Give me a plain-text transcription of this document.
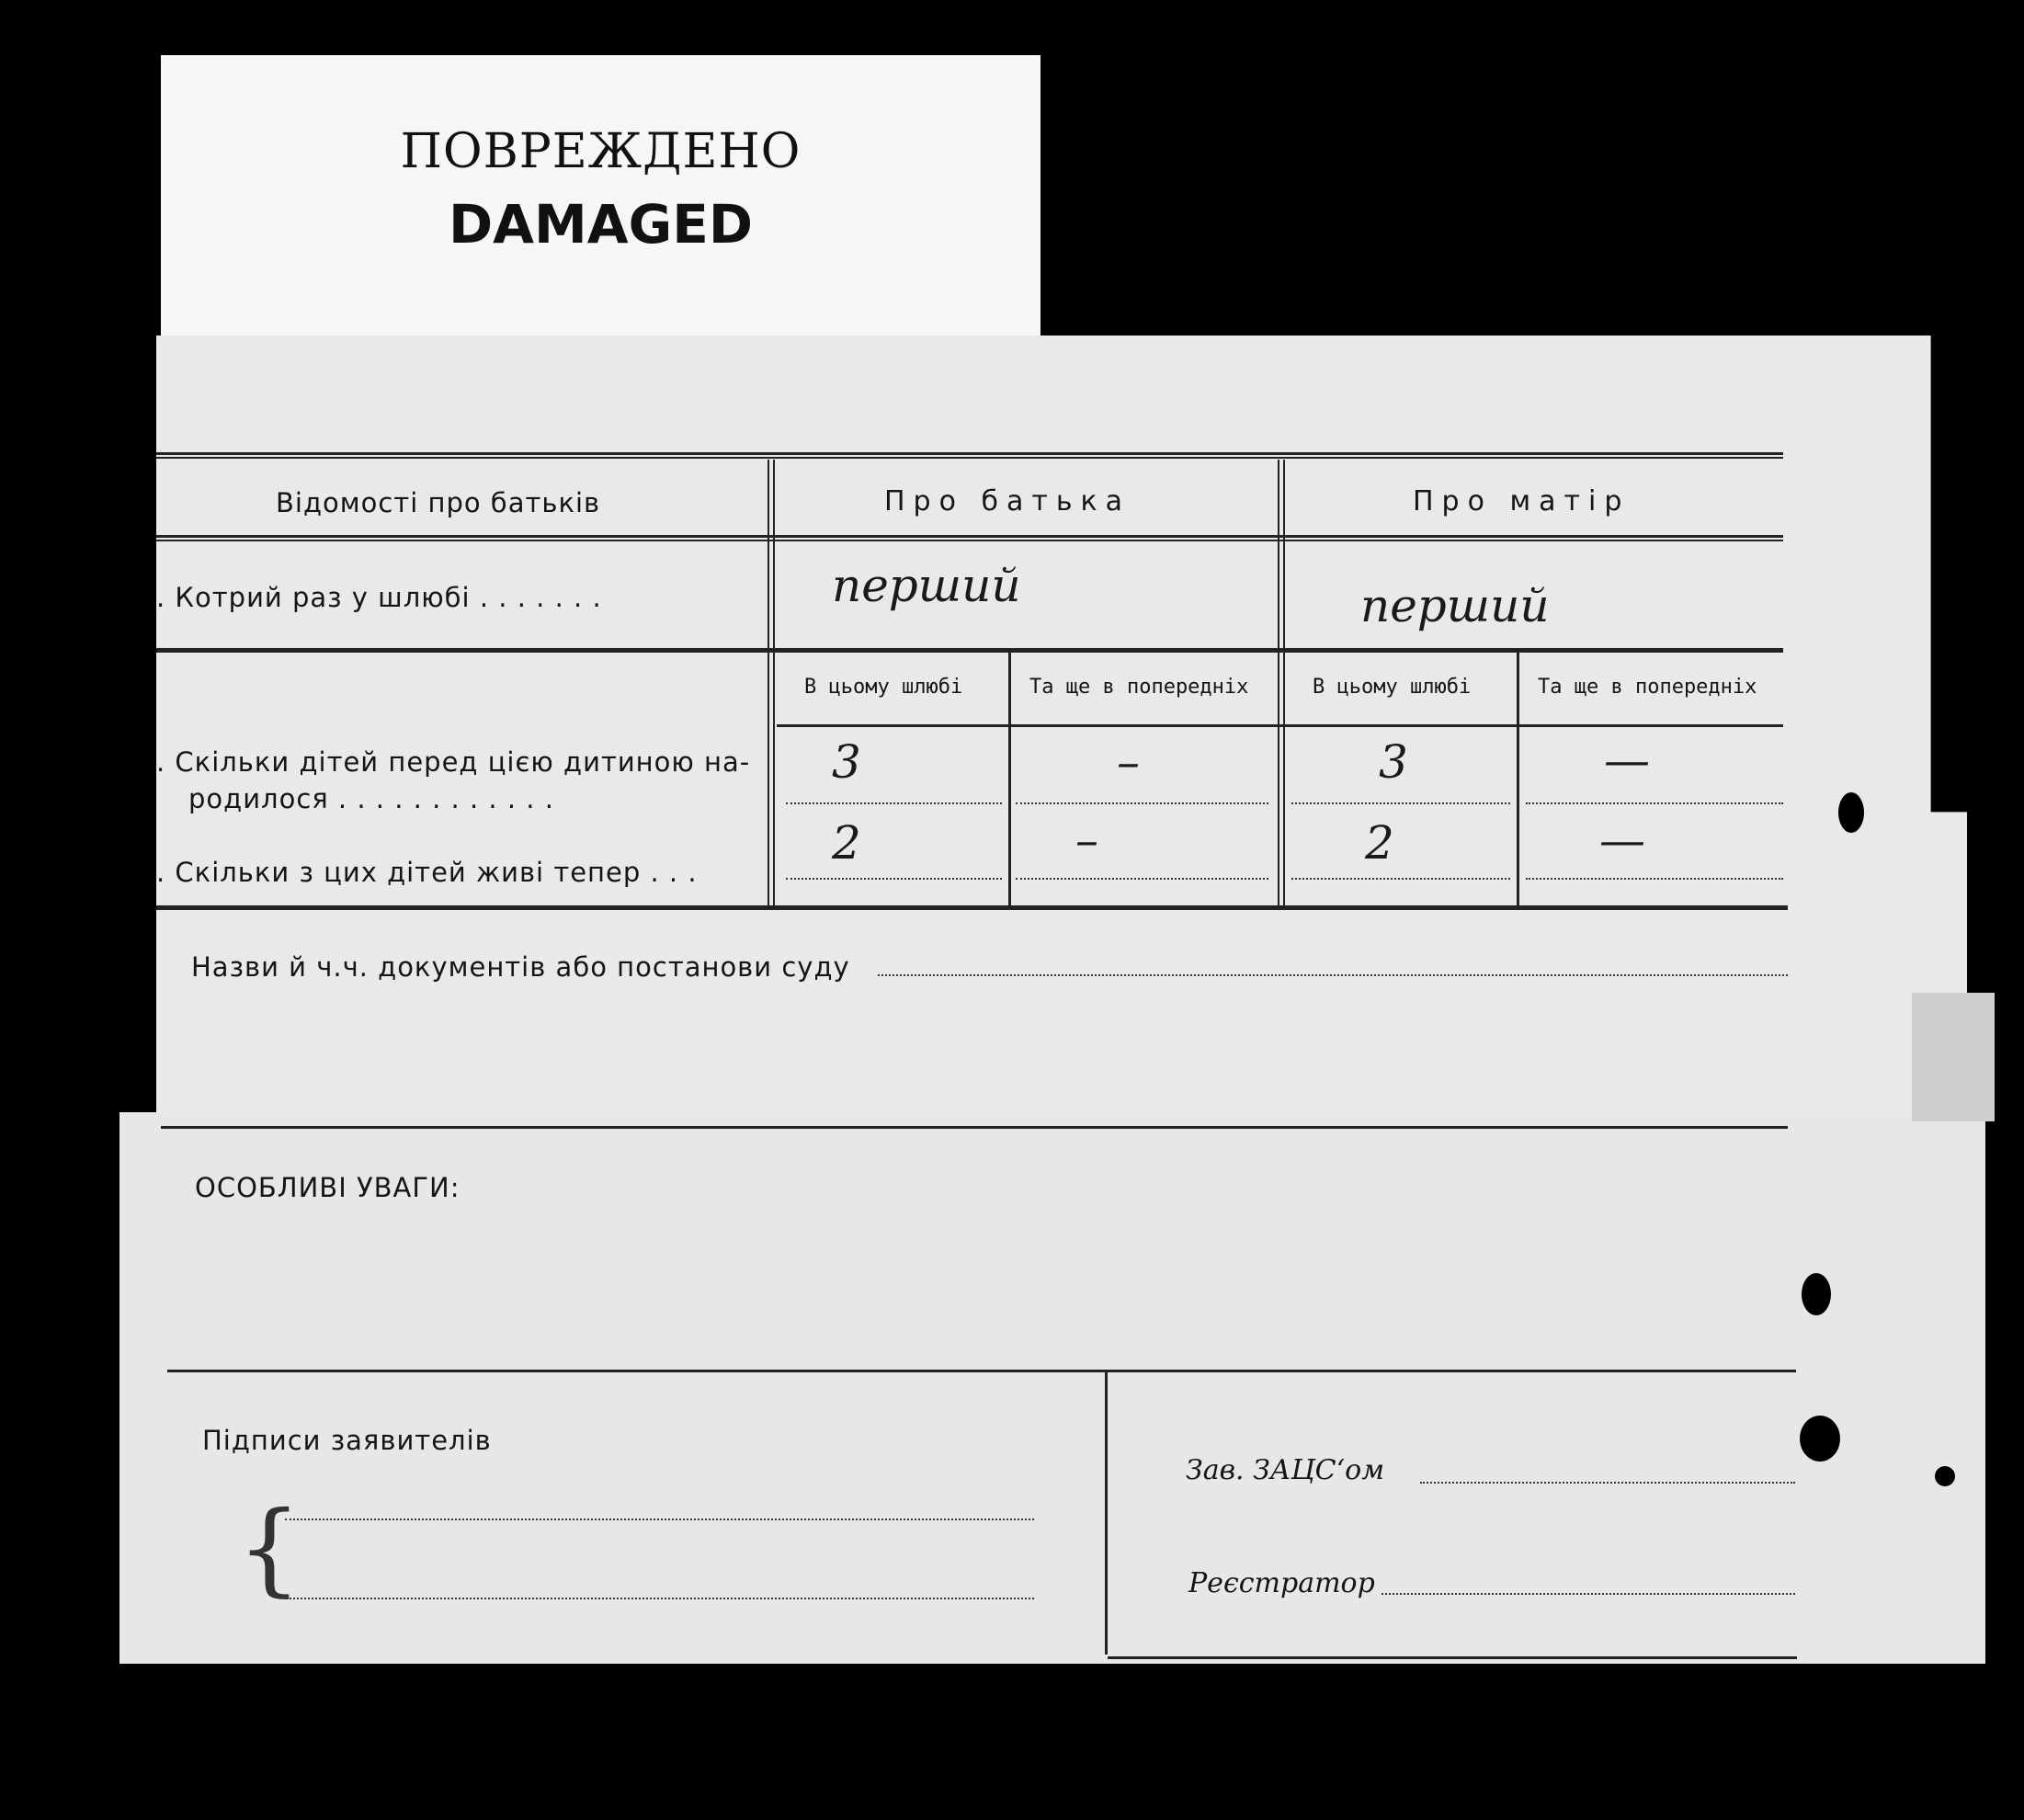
ПОВРЕЖДЕНО
DAMAGED
Відомості про батьків	Про батька	Про матір
. Котрий раз у шлюбі . . . . . . .	перший	перший
В цьому шлюбі	Та ще в попередніх	В цьому шлюбі	Та ще в попередніх
. Скільки дітей перед цією дитиною на-
родилося . . . . . . . . . . . .
3	–	3	—
. Скільки з цих дітей живі тепер . . .
2	–	2	—
Назви й ч.ч. документів або постанови суду
ОСОБЛИВІ УВАГИ:
Підписи заявителів
{
Зав. ЗАЦС‘ом
Реєстратор
